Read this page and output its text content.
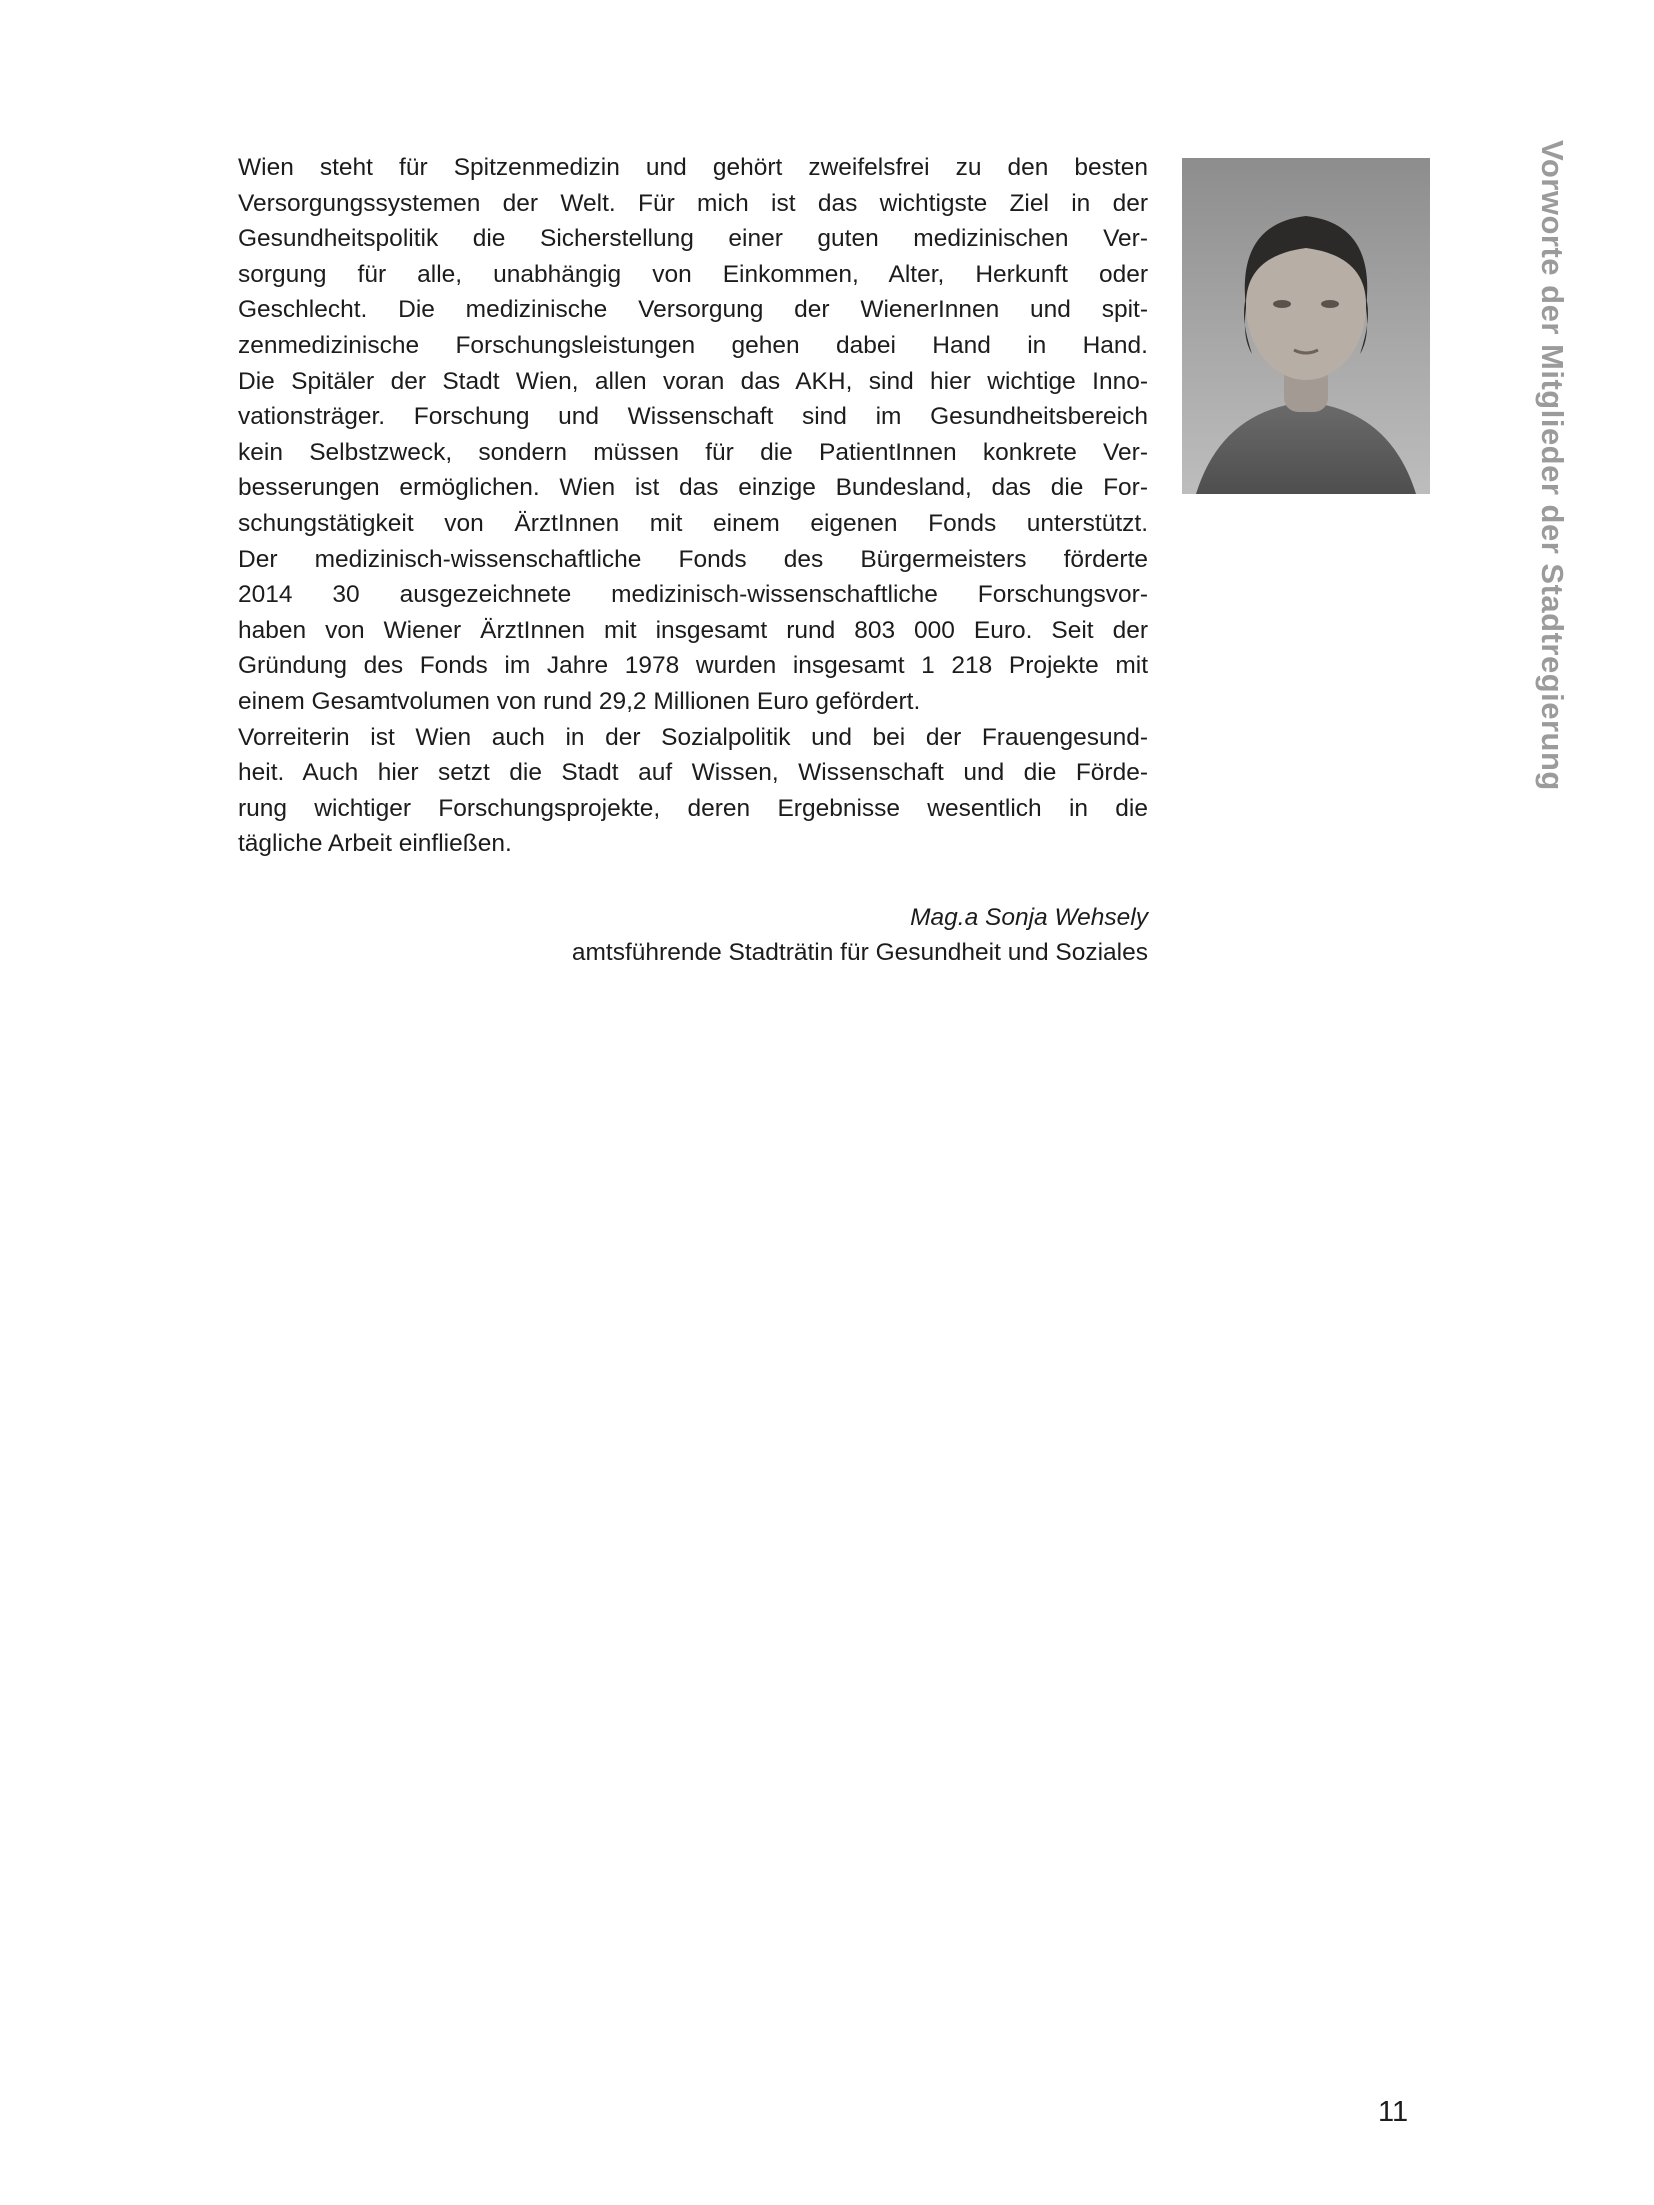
Wien steht für Spitzenmedizin und gehört zweifelsfrei zu den besten
Versorgungssystemen der Welt. Für mich ist das wichtigste Ziel in der
Gesundheitspolitik die Sicherstellung einer guten medizinischen Ver-
sorgung für alle, unabhängig von Einkommen, Alter, Herkunft oder
Geschlecht. Die medizinische Versorgung der WienerInnen und spit-
zenmedizinische Forschungsleistungen gehen dabei Hand in Hand.
Die Spitäler der Stadt Wien, allen voran das AKH, sind hier wichtige Inno-
vationsträger. Forschung und Wissenschaft sind im Gesundheitsbereich
kein Selbstzweck, sondern müssen für die PatientInnen konkrete Ver-
besserungen ermöglichen. Wien ist das einzige Bundesland, das die For-
schungstätigkeit von ÄrztInnen mit einem eigenen Fonds unterstützt.
Der medizinisch-wissenschaftliche Fonds des Bürgermeisters förderte
2014 30 ausgezeichnete medizinisch-wissenschaftliche Forschungsvor-
haben von Wiener ÄrztInnen mit insgesamt rund 803 000 Euro. Seit der
Gründung des Fonds im Jahre 1978 wurden insgesamt 1 218 Projekte mit
einem Gesamtvolumen von rund 29,2 Millionen Euro gefördert.
Vorreiterin ist Wien auch in der Sozialpolitik und bei der Frauengesund-
heit. Auch hier setzt die Stadt auf Wissen, Wissenschaft und die Förde-
rung wichtiger Forschungsprojekte, deren Ergebnisse wesentlich in die
tägliche Arbeit einfließen.
Mag.a Sonja Wehsely
amtsführende Stadträtin für Gesundheit und Soziales
Vorworte der Mitglieder der Stadtregierung
11
